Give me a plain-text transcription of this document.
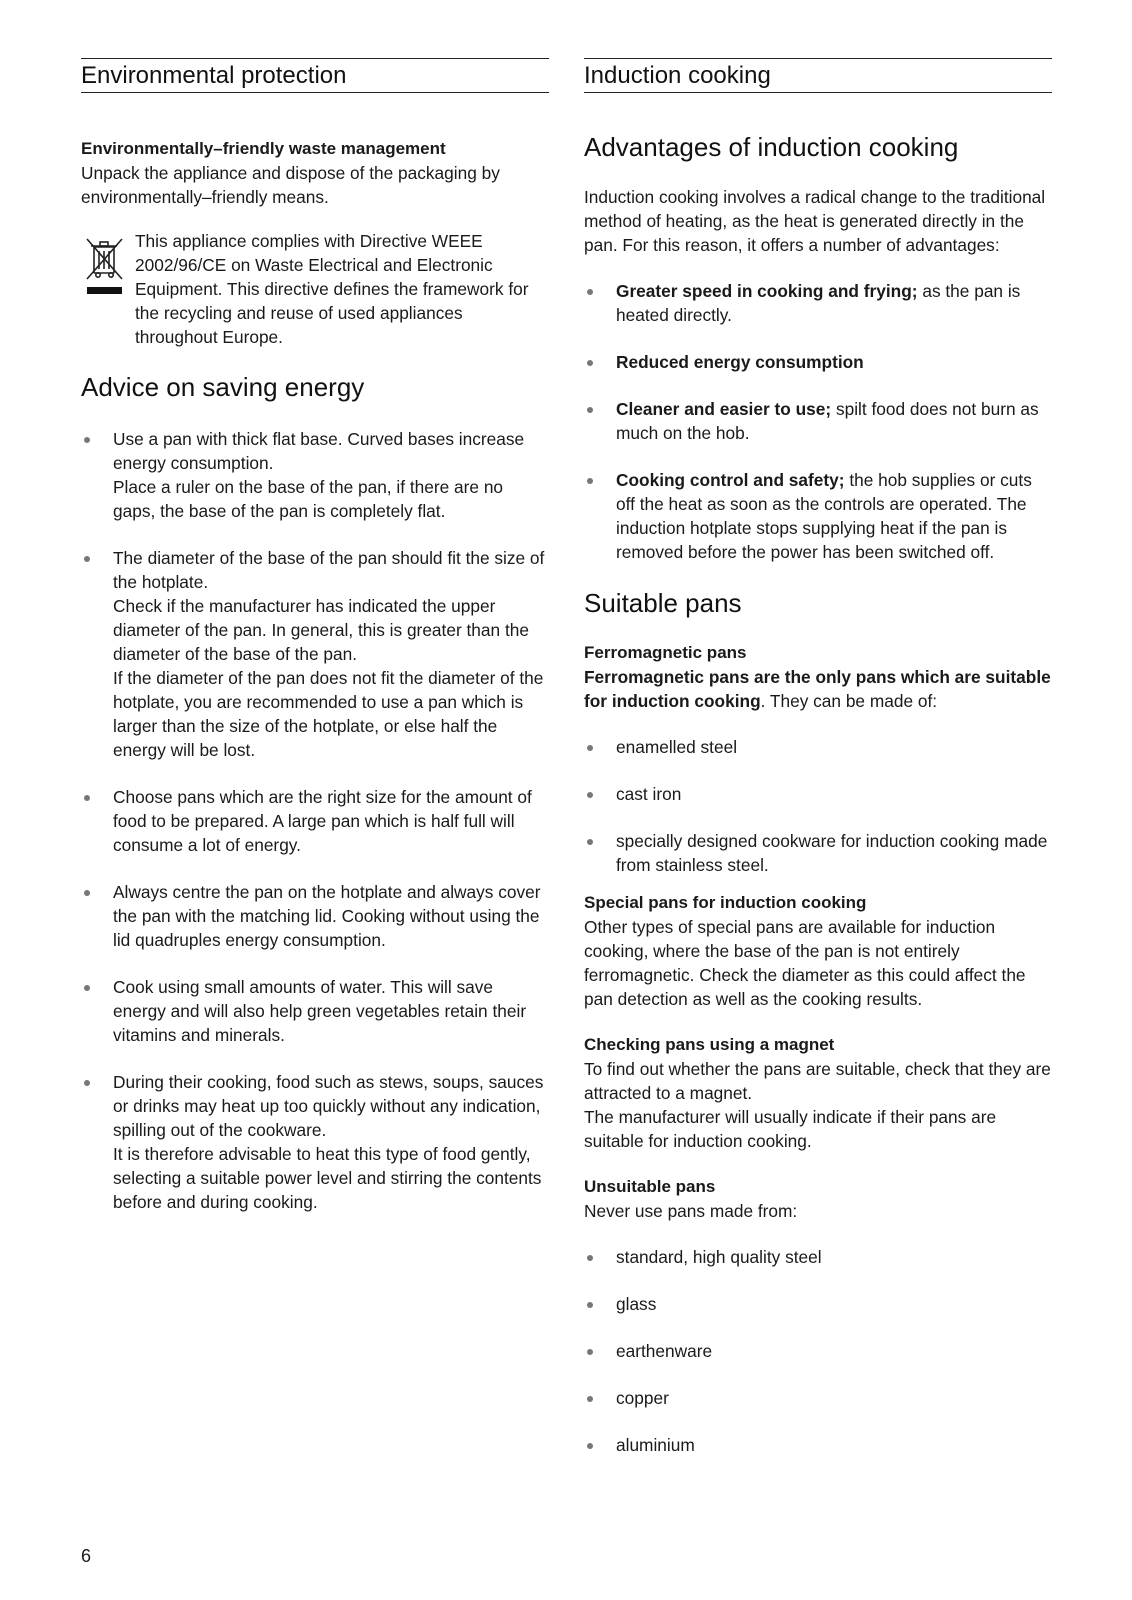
Environmental protection

Environmentally–friendly waste management

Unpack the appliance and dispose of the packaging by environmentally–friendly means.

This appliance complies with Directive WEEE 2002/96/CE on Waste Electrical and Electronic Equipment. This directive defines the framework for the recycling and reuse of used appliances throughout Europe.

Advice on saving energy
Use a pan with thick flat base. Curved bases increase energy consumption.
Place a ruler on the base of the pan, if there are no gaps, the base of the pan is completely flat.
The diameter of the base of the pan should fit the size of the hotplate.
Check if the manufacturer has indicated the upper diameter of the pan. In general, this is greater than the diameter of the base of the pan.
If the diameter of the pan does not fit the diameter of the hotplate, you are recommended to use a pan which is larger than the size of the hotplate, or else half the energy will be lost.
Choose pans which are the right size for the amount of food to be prepared. A large pan which is half full will consume a lot of energy.
Always centre the pan on the hotplate and always cover the pan with the matching lid. Cooking without using the lid quadruples energy consumption.
Cook using small amounts of water. This will save energy and will also help green vegetables retain their vitamins and minerals.
During their cooking, food such as stews, soups, sauces or drinks may heat up too quickly without any indication, spilling out of the cookware.
It is therefore advisable to heat this type of food gently, selecting a suitable power level and stirring the contents before and during cooking.
Induction cooking
Advantages of induction cooking

Induction cooking involves a radical change to the traditional method of heating, as the heat is generated directly in the pan. For this reason, it offers a number of advantages:

Greater speed in cooking and frying; as the pan is heated directly.
Reduced energy consumption
Cleaner and easier to use; spilt food does not burn as much on the hob.
Cooking control and safety; the hob supplies or cuts off the heat as soon as the controls are operated. The induction hotplate stops supplying heat if the pan is removed before the power has been switched off.
Suitable pans

Ferromagnetic pans

Ferromagnetic pans are the only pans which are suitable for induction cooking. They can be made of:

enamelled steel
cast iron
specially designed cookware for induction cooking made from stainless steel.

Special pans for induction cooking

Other types of special pans are available for induction cooking, where the base of the pan is not entirely ferromagnetic. Check the diameter as this could affect the pan detection as well as the cooking results.

Checking pans using a magnet

To find out whether the pans are suitable, check that they are attracted to a magnet.

The manufacturer will usually indicate if their pans are suitable for induction cooking.

Unsuitable pans

Never use pans made from:

standard, high quality steel
glass
earthenware
copper
aluminium
6
